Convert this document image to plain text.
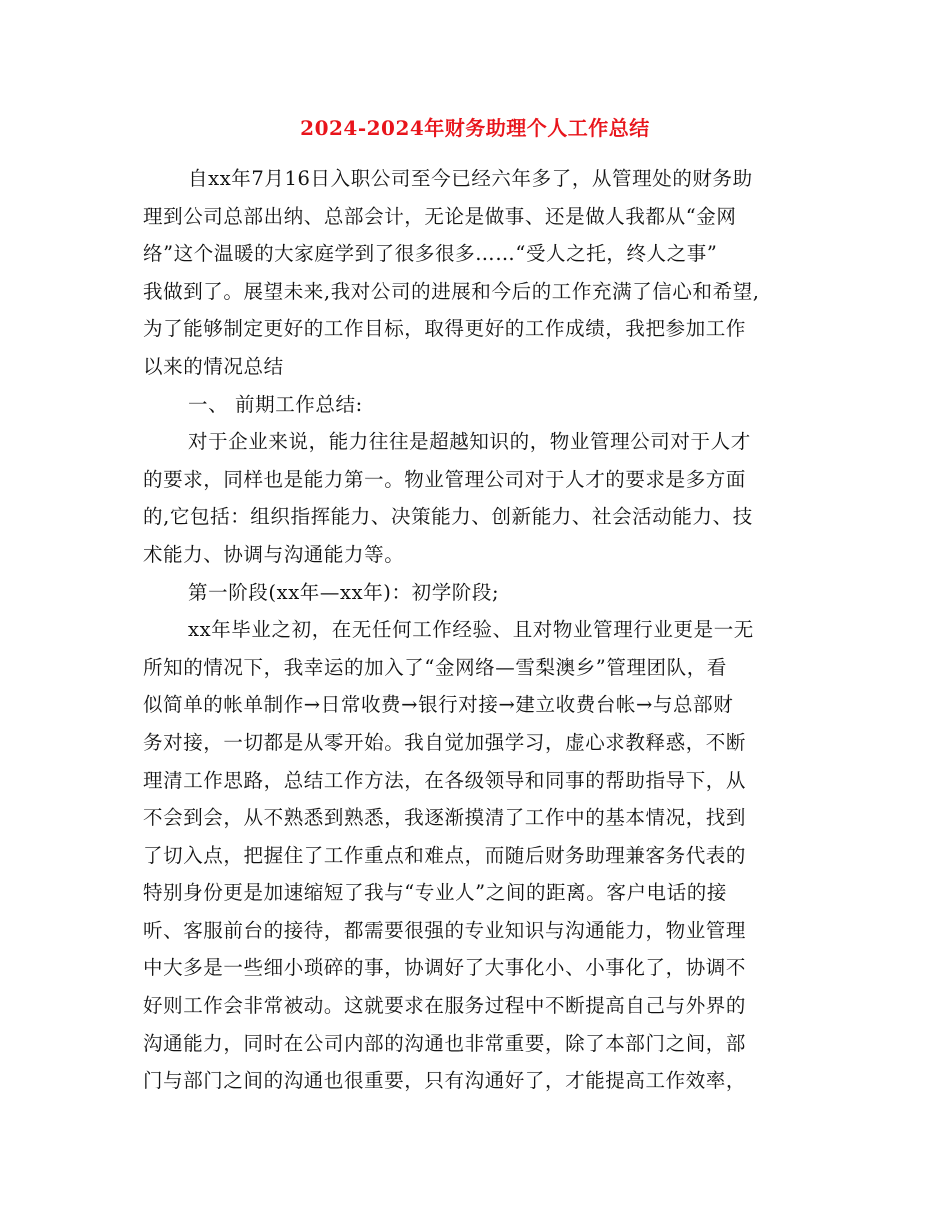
2024-2024年财务助理个人工作总结
自xx年7月16日入职公司至今已经六年多了，从管理处的财务助
理到公司总部出纳、总部会计，无论是做事、还是做人我都从“金网
络”这个温暖的大家庭学到了很多很多……“受人之托，终人之事”
我做到了。展望未来,我对公司的进展和今后的工作充满了信心和希望,
为了能够制定更好的工作目标，取得更好的工作成绩，我把参加工作
以来的情况总结
一、 前期工作总结:
对于企业来说，能力往往是超越知识的，物业管理公司对于人才
的要求，同样也是能力第一。物业管理公司对于人才的要求是多方面
的,它包括：组织指挥能力、决策能力、创新能力、社会活动能力、技
术能力、协调与沟通能力等。
第一阶段(xx年—xx年)：初学阶段;
xx年毕业之初，在无任何工作经验、且对物业管理行业更是一无
所知的情况下，我幸运的加入了“金网络—雪梨澳乡”管理团队，看
似简单的帐单制作→日常收费→银行对接→建立收费台帐→与总部财
务对接，一切都是从零开始。我自觉加强学习，虚心求教释惑，不断
理清工作思路，总结工作方法，在各级领导和同事的帮助指导下，从
不会到会，从不熟悉到熟悉，我逐渐摸清了工作中的基本情况，找到
了切入点，把握住了工作重点和难点，而随后财务助理兼客务代表的
特别身份更是加速缩短了我与“专业人”之间的距离。客户电话的接
听、客服前台的接待，都需要很强的专业知识与沟通能力，物业管理
中大多是一些细小琐碎的事，协调好了大事化小、小事化了，协调不
好则工作会非常被动。这就要求在服务过程中不断提高自己与外界的
沟通能力，同时在公司内部的沟通也非常重要，除了本部门之间，部
门与部门之间的沟通也很重要，只有沟通好了，才能提高工作效率，
